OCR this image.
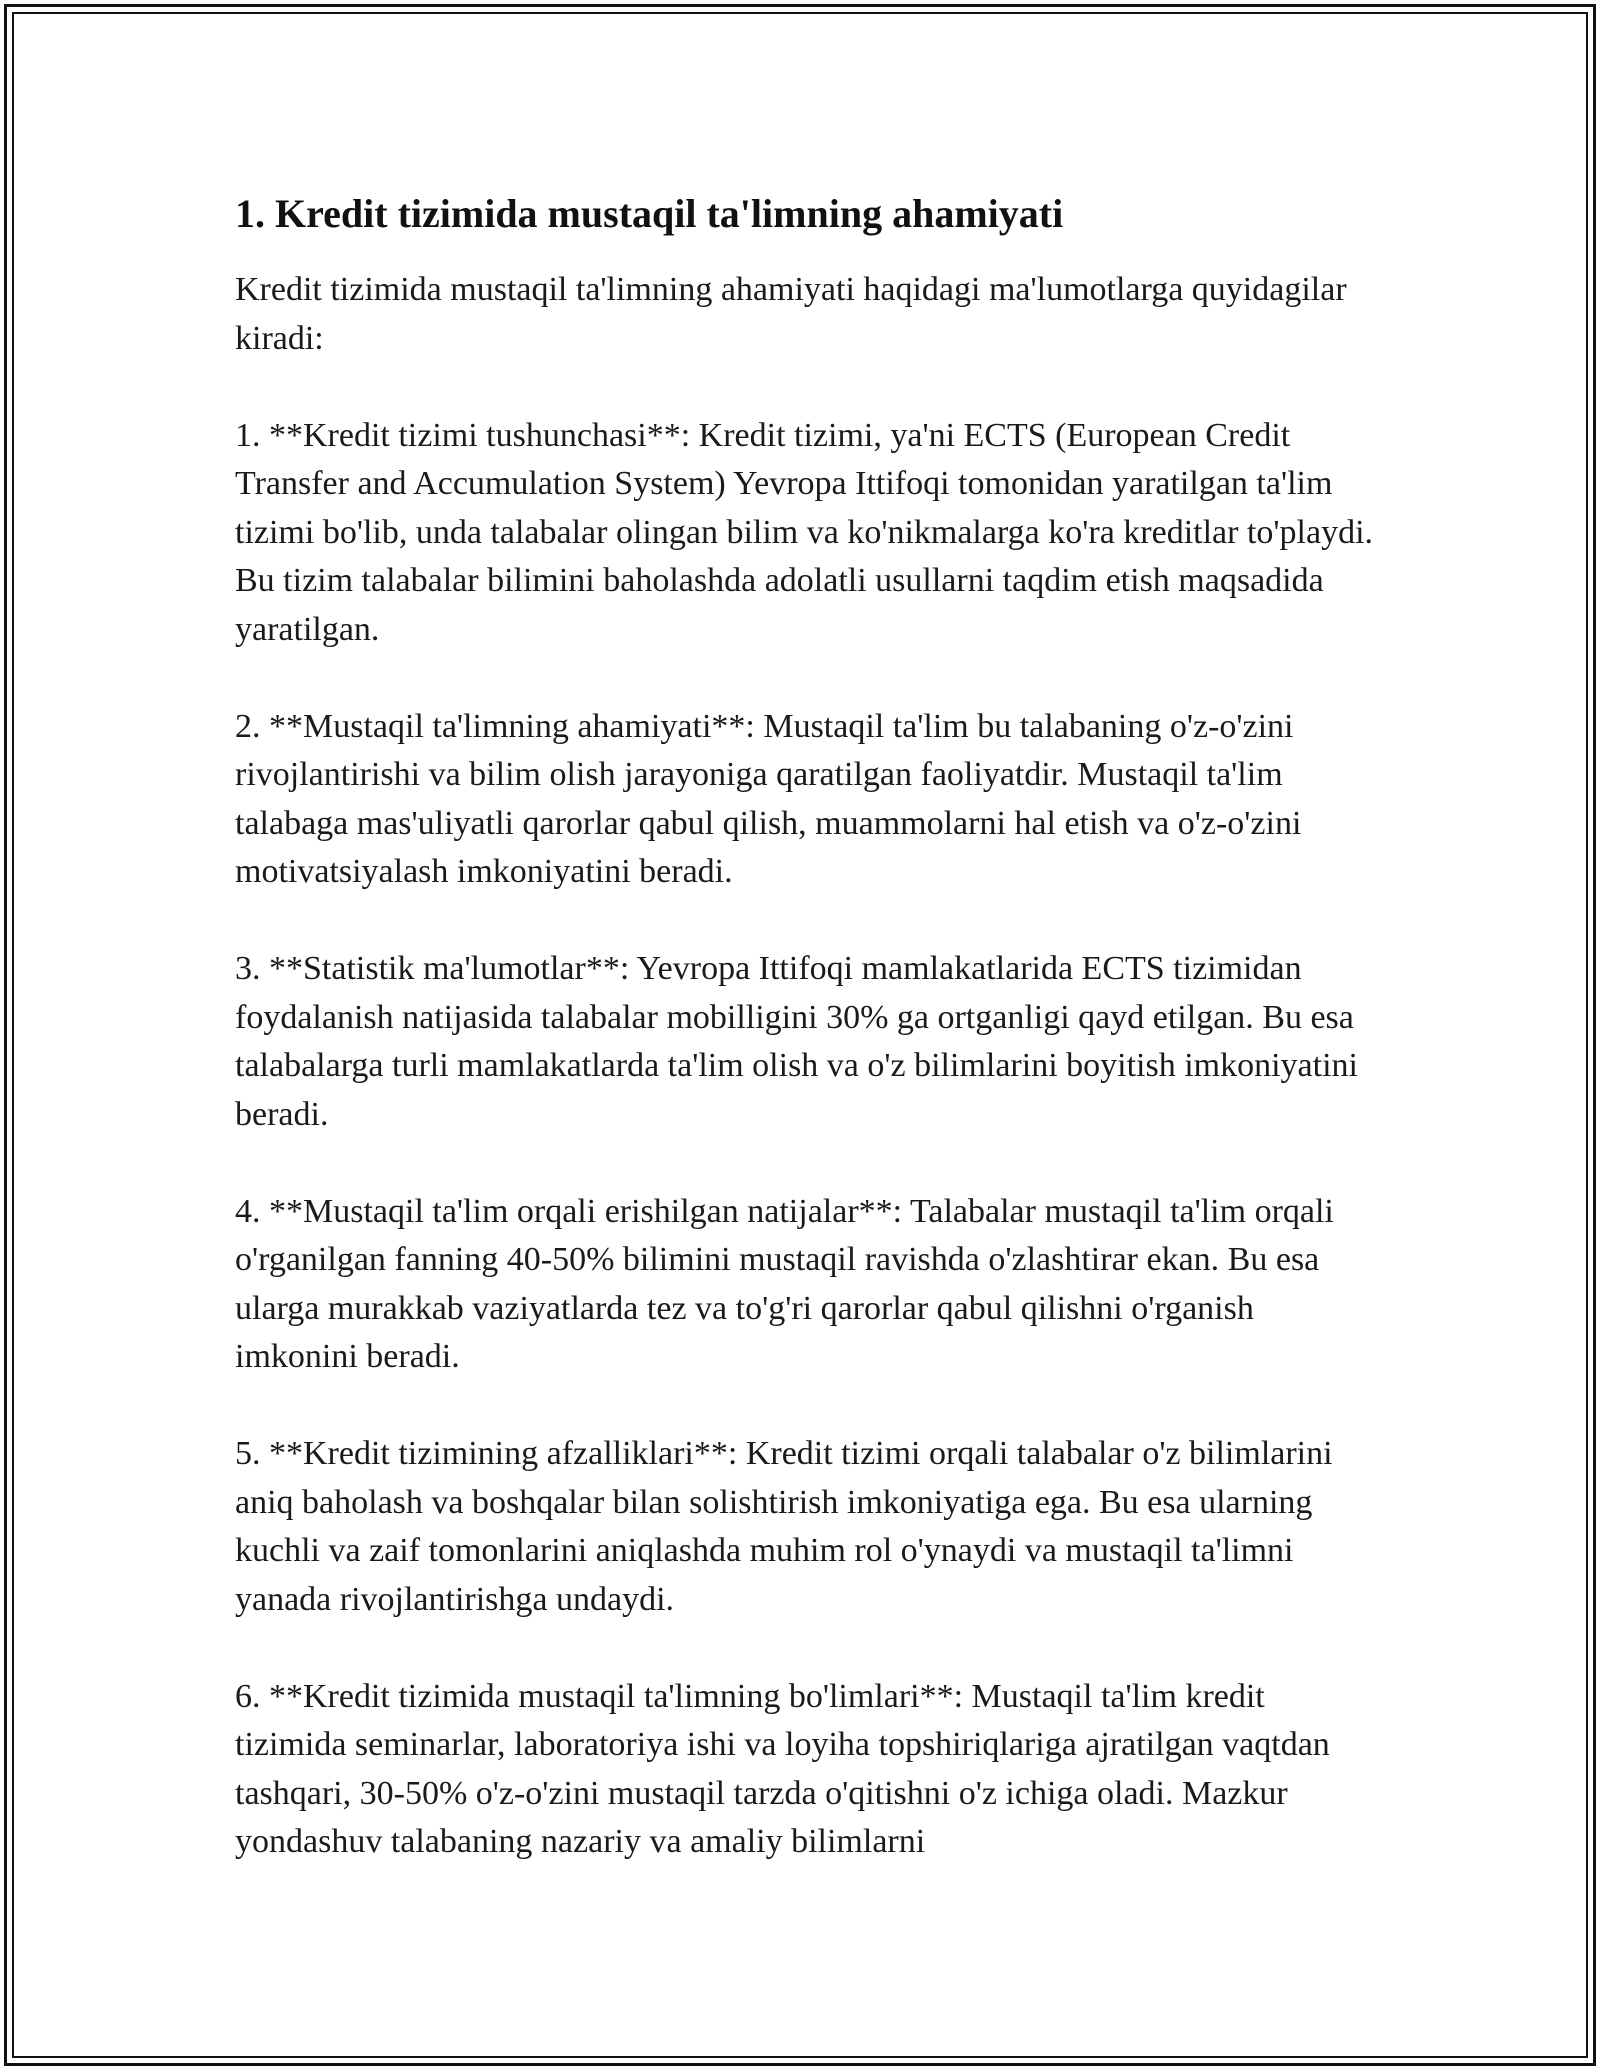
1. Kredit tizimida mustaqil ta'limning ahamiyati

Kredit tizimida mustaqil ta'limning ahamiyati haqidagi ma'lumotlarga quyidagilar kiradi:

1. **Kredit tizimi tushunchasi**: Kredit tizimi, ya'ni ECTS (European Credit Transfer and Accumulation System) Yevropa Ittifoqi tomonidan yaratilgan ta'lim tizimi bo'lib, unda talabalar olingan bilim va ko'nikmalarga ko'ra kreditlar to'playdi. Bu tizim talabalar bilimini baholashda adolatli usullarni taqdim etish maqsadida yaratilgan.

2. **Mustaqil ta'limning ahamiyati**: Mustaqil ta'lim bu talabaning o'z-o'zini rivojlantirishi va bilim olish jarayoniga qaratilgan faoliyatdir. Mustaqil ta'lim talabaga mas'uliyatli qarorlar qabul qilish, muammolarni hal etish va o'z-o'zini motivatsiyalash imkoniyatini beradi.

3. **Statistik ma'lumotlar**: Yevropa Ittifoqi mamlakatlarida ECTS tizimidan foydalanish natijasida talabalar mobilligini 30% ga ortganligi qayd etilgan. Bu esa talabalarga turli mamlakatlarda ta'lim olish va o'z bilimlarini boyitish imkoniyatini beradi.

4. **Mustaqil ta'lim orqali erishilgan natijalar**: Talabalar mustaqil ta'lim orqali o'rganilgan fanning 40-50% bilimini mustaqil ravishda o'zlashtirar ekan. Bu esa ularga murakkab vaziyatlarda tez va to'g'ri qarorlar qabul qilishni o'rganish imkonini beradi.

5. **Kredit tizimining afzalliklari**: Kredit tizimi orqali talabalar o'z bilimlarini aniq baholash va boshqalar bilan solishtirish imkoniyatiga ega. Bu esa ularning kuchli va zaif tomonlarini aniqlashda muhim rol o'ynaydi va mustaqil ta'limni yanada rivojlantirishga undaydi.

6. **Kredit tizimida mustaqil ta'limning bo'limlari**: Mustaqil ta'lim kredit tizimida seminarlar, laboratoriya ishi va loyiha topshiriqlariga ajratilgan vaqtdan tashqari, 30-50% o'z-o'zini mustaqil tarzda o'qitishni o'z ichiga oladi. Mazkur yondashuv talabaning nazariy va amaliy bilimlarni
